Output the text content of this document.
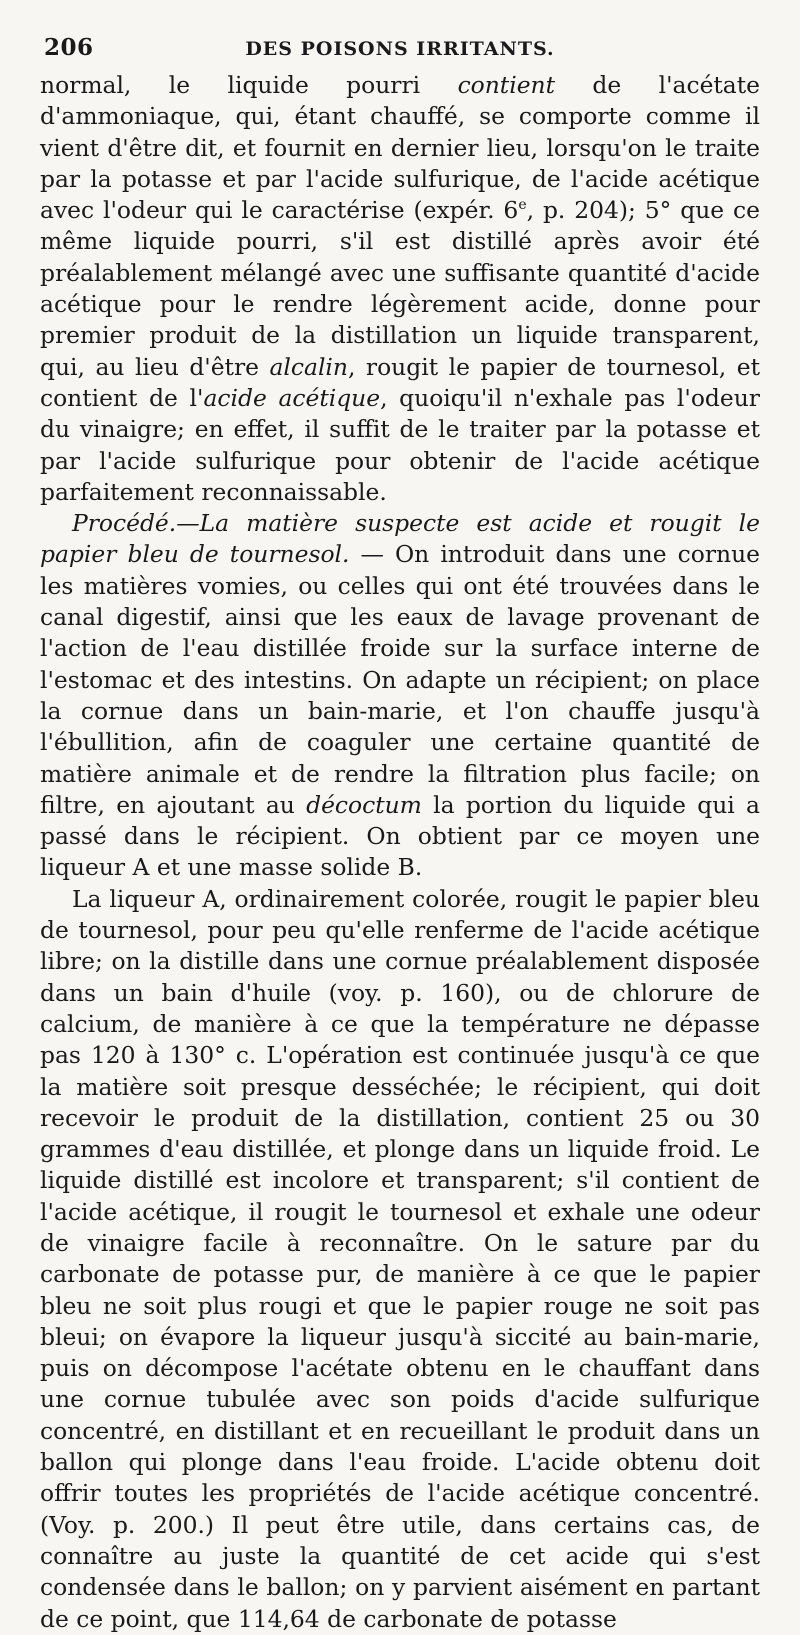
206	DES POISONS IRRITANTS.

normal, le liquide pourri contient de l'acétate d'ammoniaque, qui, étant chauffé, se comporte comme il vient d'être dit, et fournit en dernier lieu, lorsqu'on le traite par la potasse et par l'acide sulfurique, de l'acide acétique avec l'odeur qui le caractérise (expér. 6e, p. 204); 5° que ce même liquide pourri, s'il est distillé après avoir été préalablement mélangé avec une suffisante quantité d'acide acétique pour le rendre légèrement acide, donne pour premier produit de la distillation un liquide transparent, qui, au lieu d'être alcalin, rougit le papier de tournesol, et contient de l'acide acétique, quoiqu'il n'exhale pas l'odeur du vinaigre; en effet, il suffit de le traiter par la potasse et par l'acide sulfurique pour obtenir de l'acide acétique parfaitement reconnaissable.

Procédé.—La matière suspecte est acide et rougit le papier bleu de tournesol. — On introduit dans une cornue les matières vomies, ou celles qui ont été trouvées dans le canal digestif, ainsi que les eaux de lavage provenant de l'action de l'eau distillée froide sur la surface interne de l'estomac et des intestins. On adapte un récipient; on place la cornue dans un bain-marie, et l'on chauffe jusqu'à l'ébullition, afin de coaguler une certaine quantité de matière animale et de rendre la filtration plus facile; on filtre, en ajoutant au décoctum la portion du liquide qui a passé dans le récipient. On obtient par ce moyen une liqueur A et une masse solide B.

La liqueur A, ordinairement colorée, rougit le papier bleu de tournesol, pour peu qu'elle renferme de l'acide acétique libre; on la distille dans une cornue préalablement disposée dans un bain d'huile (voy. p. 160), ou de chlorure de calcium, de manière à ce que la température ne dépasse pas 120 à 130° c. L'opération est continuée jusqu'à ce que la matière soit presque desséchée; le récipient, qui doit recevoir le produit de la distillation, contient 25 ou 30 grammes d'eau distillée, et plonge dans un liquide froid. Le liquide distillé est incolore et transparent; s'il contient de l'acide acétique, il rougit le tournesol et exhale une odeur de vinaigre facile à reconnaître. On le sature par du carbonate de potasse pur, de manière à ce que le papier bleu ne soit plus rougi et que le papier rouge ne soit pas bleui; on évapore la liqueur jusqu'à siccité au bain-marie, puis on décompose l'acétate obtenu en le chauffant dans une cornue tubulée avec son poids d'acide sulfurique concentré, en distillant et en recueillant le produit dans un ballon qui plonge dans l'eau froide. L'acide obtenu doit offrir toutes les propriétés de l'acide acétique concentré. (Voy. p. 200.) Il peut être utile, dans certains cas, de connaître au juste la quantité de cet acide qui s'est condensée dans le ballon; on y parvient aisément en partant de ce point, que 114,64 de carbonate de potasse
